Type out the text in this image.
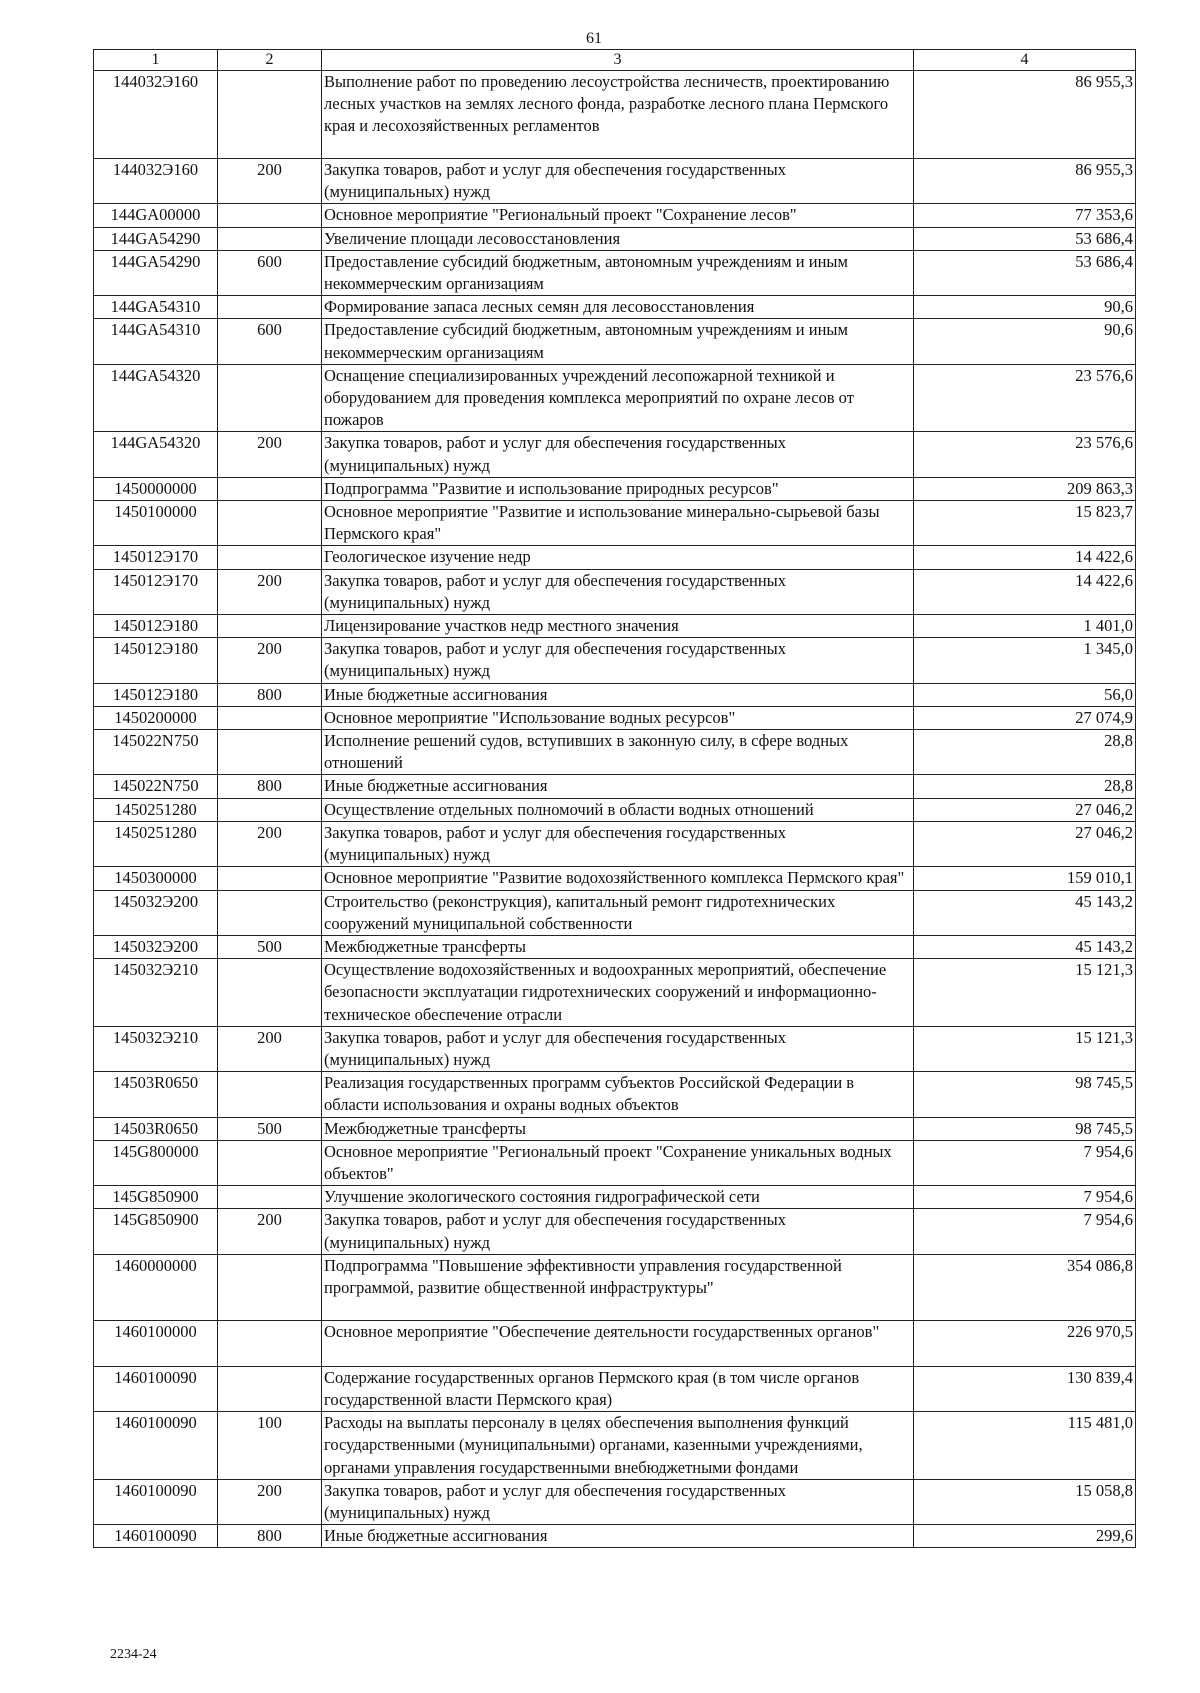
61
1	2	3	4
144032Э160		Выполнение работ по проведению лесоустройства лесничеств, проектированию лесных участков на землях лесного фонда, разработке лесного плана Пермского края и лесохозяйственных регламентов	86 955,3
144032Э160	200	Закупка товаров, работ и услуг для обеспечения государственных (муниципальных) нужд	86 955,3
144GA00000		Основное мероприятие "Региональный проект "Сохранение лесов"	77 353,6
144GA54290		Увеличение площади лесовосстановления	53 686,4
144GA54290	600	Предоставление субсидий бюджетным, автономным учреждениям и иным некоммерческим организациям	53 686,4
144GA54310		Формирование запаса лесных семян для лесовосстановления	90,6
144GA54310	600	Предоставление субсидий бюджетным, автономным учреждениям и иным некоммерческим организациям	90,6
144GA54320		Оснащение специализированных учреждений лесопожарной техникой и оборудованием для проведения комплекса мероприятий по охране лесов от пожаров	23 576,6
144GA54320	200	Закупка товаров, работ и услуг для обеспечения государственных (муниципальных) нужд	23 576,6
1450000000		Подпрограмма "Развитие и использование природных ресурсов"	209 863,3
1450100000		Основное мероприятие "Развитие и использование минерально-сырьевой базы Пермского края"	15 823,7
145012Э170		Геологическое изучение недр	14 422,6
145012Э170	200	Закупка товаров, работ и услуг для обеспечения государственных (муниципальных) нужд	14 422,6
145012Э180		Лицензирование участков недр местного значения	1 401,0
145012Э180	200	Закупка товаров, работ и услуг для обеспечения государственных (муниципальных) нужд	1 345,0
145012Э180	800	Иные бюджетные ассигнования	56,0
1450200000		Основное мероприятие "Использование водных ресурсов"	27 074,9
145022N750		Исполнение решений судов, вступивших в законную силу, в сфере водных отношений	28,8
145022N750	800	Иные бюджетные ассигнования	28,8
1450251280		Осуществление отдельных полномочий в области водных отношений	27 046,2
1450251280	200	Закупка товаров, работ и услуг для обеспечения государственных (муниципальных) нужд	27 046,2
1450300000		Основное мероприятие "Развитие водохозяйственного комплекса Пермского края"	159 010,1
145032Э200		Строительство (реконструкция), капитальный ремонт гидротехнических сооружений муниципальной собственности	45 143,2
145032Э200	500	Межбюджетные трансферты	45 143,2
145032Э210		Осуществление водохозяйственных и водоохранных мероприятий, обеспечение безопасности эксплуатации гидротехнических сооружений и информационно-техническое обеспечение отрасли	15 121,3
145032Э210	200	Закупка товаров, работ и услуг для обеспечения государственных (муниципальных) нужд	15 121,3
14503R0650		Реализация государственных программ субъектов Российской Федерации в области использования и охраны водных объектов	98 745,5
14503R0650	500	Межбюджетные трансферты	98 745,5
145G800000		Основное мероприятие "Региональный проект "Сохранение уникальных водных объектов"	7 954,6
145G850900		Улучшение экологического состояния гидрографической сети	7 954,6
145G850900	200	Закупка товаров, работ и услуг для обеспечения государственных (муниципальных) нужд	7 954,6
1460000000		Подпрограмма "Повышение эффективности управления государственной программой, развитие общественной инфраструктуры"	354 086,8
1460100000		Основное мероприятие "Обеспечение деятельности государственных органов"	226 970,5
1460100090		Содержание государственных органов Пермского края (в том числе органов государственной власти Пермского края)	130 839,4
1460100090	100	Расходы на выплаты персоналу в целях обеспечения выполнения функций государственными (муниципальными) органами, казенными учреждениями, органами управления государственными внебюджетными фондами	115 481,0
1460100090	200	Закупка товаров, работ и услуг для обеспечения государственных (муниципальных) нужд	15 058,8
1460100090	800	Иные бюджетные ассигнования	299,6
2234-24
